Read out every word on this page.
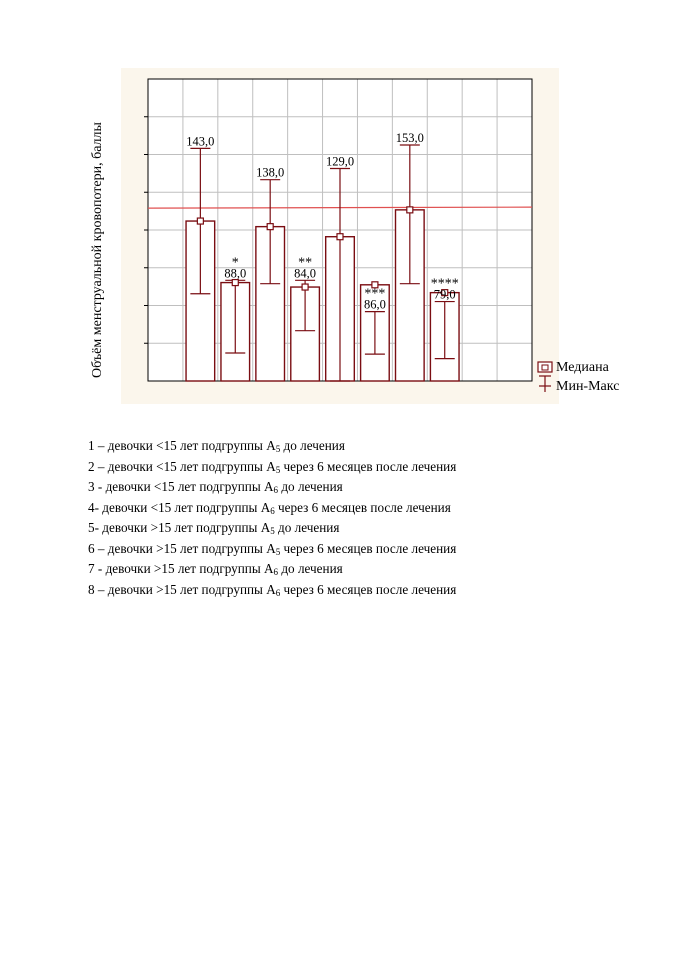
143,0
88,0
*
138,0
84,0
**
129,0
86,0
***
153,0
79,0
****
Объём менструальной кровопотери, баллы	Медиана
Мин-Макс
1 – девочки <15 лет подгруппы $А_5$ до лечения
2 – девочки <15 лет подгруппы $А_5$ через 6 месяцев после лечения
3 - девочки <15 лет подгруппы $А_6$ до лечения
4- девочки <15 лет подгруппы $А_6$ через 6 месяцев после лечения
5- девочки >15 лет подгруппы $А_5$ до лечения
6 – девочки >15 лет подгруппы $А_5$ через 6 месяцев после лечения
7 - девочки >15 лет подгруппы $А_6$ до лечения
8 – девочки >15 лет подгруппы $А_6$ через 6 месяцев после лечения
